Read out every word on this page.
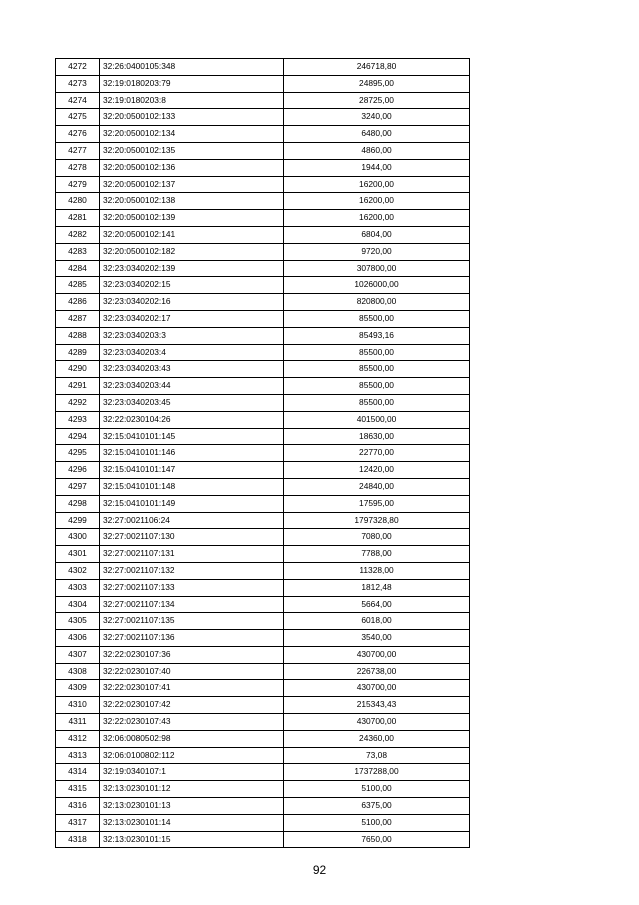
4272	32:26:0400105:348	246718,80
4273	32:19:0180203:79	24895,00
4274	32:19:0180203:8	28725,00
4275	32:20:0500102:133	3240,00
4276	32:20:0500102:134	6480,00
4277	32:20:0500102:135	4860,00
4278	32:20:0500102:136	1944,00
4279	32:20:0500102:137	16200,00
4280	32:20:0500102:138	16200,00
4281	32:20:0500102:139	16200,00
4282	32:20:0500102:141	6804,00
4283	32:20:0500102:182	9720,00
4284	32:23:0340202:139	307800,00
4285	32:23:0340202:15	1026000,00
4286	32:23:0340202:16	820800,00
4287	32:23:0340202:17	85500,00
4288	32:23:0340203:3	85493,16
4289	32:23:0340203:4	85500,00
4290	32:23:0340203:43	85500,00
4291	32:23:0340203:44	85500,00
4292	32:23:0340203:45	85500,00
4293	32:22:0230104:26	401500,00
4294	32:15:0410101:145	18630,00
4295	32:15:0410101:146	22770,00
4296	32:15:0410101:147	12420,00
4297	32:15:0410101:148	24840,00
4298	32:15:0410101:149	17595,00
4299	32:27:0021106:24	1797328,80
4300	32:27:0021107:130	7080,00
4301	32:27:0021107:131	7788,00
4302	32:27:0021107:132	11328,00
4303	32:27:0021107:133	1812,48
4304	32:27:0021107:134	5664,00
4305	32:27:0021107:135	6018,00
4306	32:27:0021107:136	3540,00
4307	32:22:0230107:36	430700,00
4308	32:22:0230107:40	226738,00
4309	32:22:0230107:41	430700,00
4310	32:22:0230107:42	215343,43
4311	32:22:0230107:43	430700,00
4312	32:06:0080502:98	24360,00
4313	32:06:0100802:112	73,08
4314	32:19:0340107:1	1737288,00
4315	32:13:0230101:12	5100,00
4316	32:13:0230101:13	6375,00
4317	32:13:0230101:14	5100,00
4318	32:13:0230101:15	7650,00
92
